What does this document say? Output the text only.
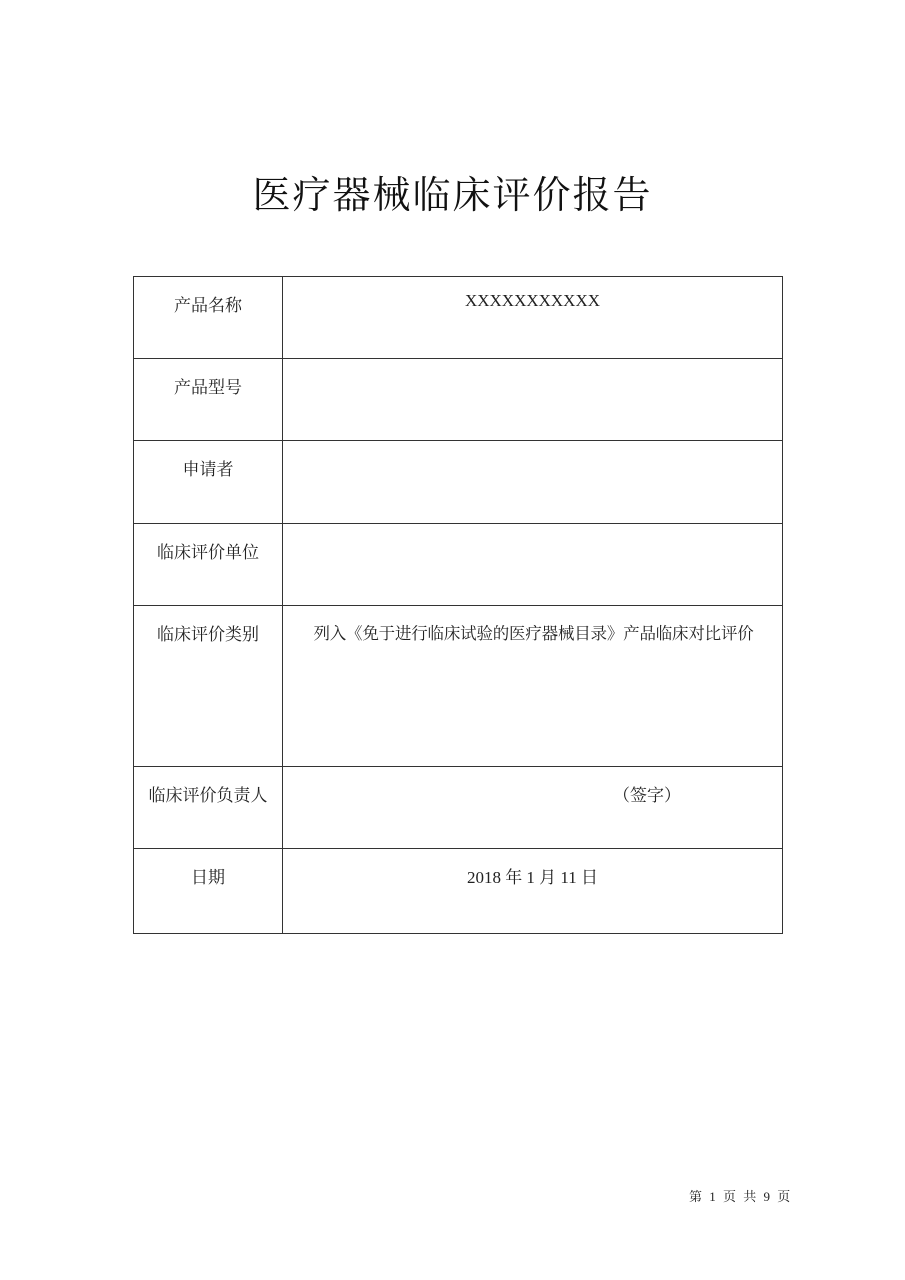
医疗器械临床评价报告
产品名称	XXXXXXXXXXX
产品型号	
申请者	
临床评价单位	
临床评价类别	列入《免于进行临床试验的医疗器械目录》产品临床对比评价
临床评价负责人	（签字）
日期	2018 年 1 月 11 日
第 1 页 共 9 页
